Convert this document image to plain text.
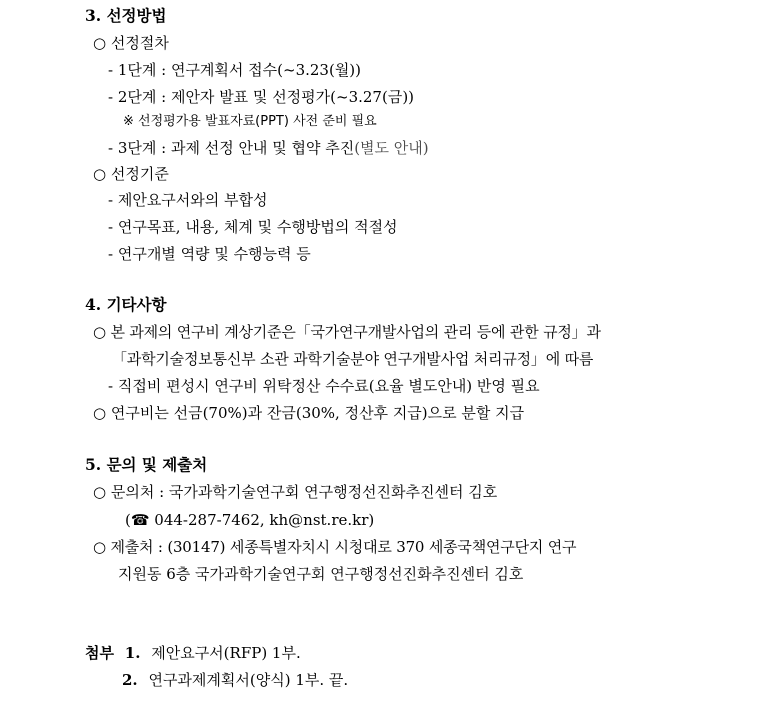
3. 선정방법
○ 선정절차
- 1단계 : 연구계획서 접수(~3.23(월))
- 2단계 : 제안자 발표 및 선정평가(~3.27(금))
※ 선정평가용 발표자료(PPT) 사전 준비 필요
- 3단계 : 과제 선정 안내 및 협약 추진(별도 안내)
○ 선정기준
- 제안요구서와의 부합성
- 연구목표, 내용, 체계 및 수행방법의 적절성
- 연구개별 역량 및 수행능력 등
4. 기타사항
○ 본 과제의 연구비 계상기준은「국가연구개발사업의 관리 등에 관한 규정」과
「과학기술정보통신부 소관 과학기술분야 연구개발사업 처리규정」에 따름
- 직접비 편성시 연구비 위탁정산 수수료(요율 별도안내) 반영 필요
○ 연구비는 선금(70%)과 잔금(30%, 정산후 지급)으로 분할 지급
5. 문의 및 제출처
○ 문의처 : 국가과학기술연구회 연구행정선진화추진센터 김호
(☎ 044-287-7462, kh@nst.re.kr)
○ 제출처 : (30147) 세종특별자치시 시청대로 370 세종국책연구단지 연구
지원동 6층 국가과학기술연구회 연구행정선진화추진센터 김호
첨부 1. 제안요구서(RFP) 1부.
2. 연구과제계획서(양식) 1부. 끝.
